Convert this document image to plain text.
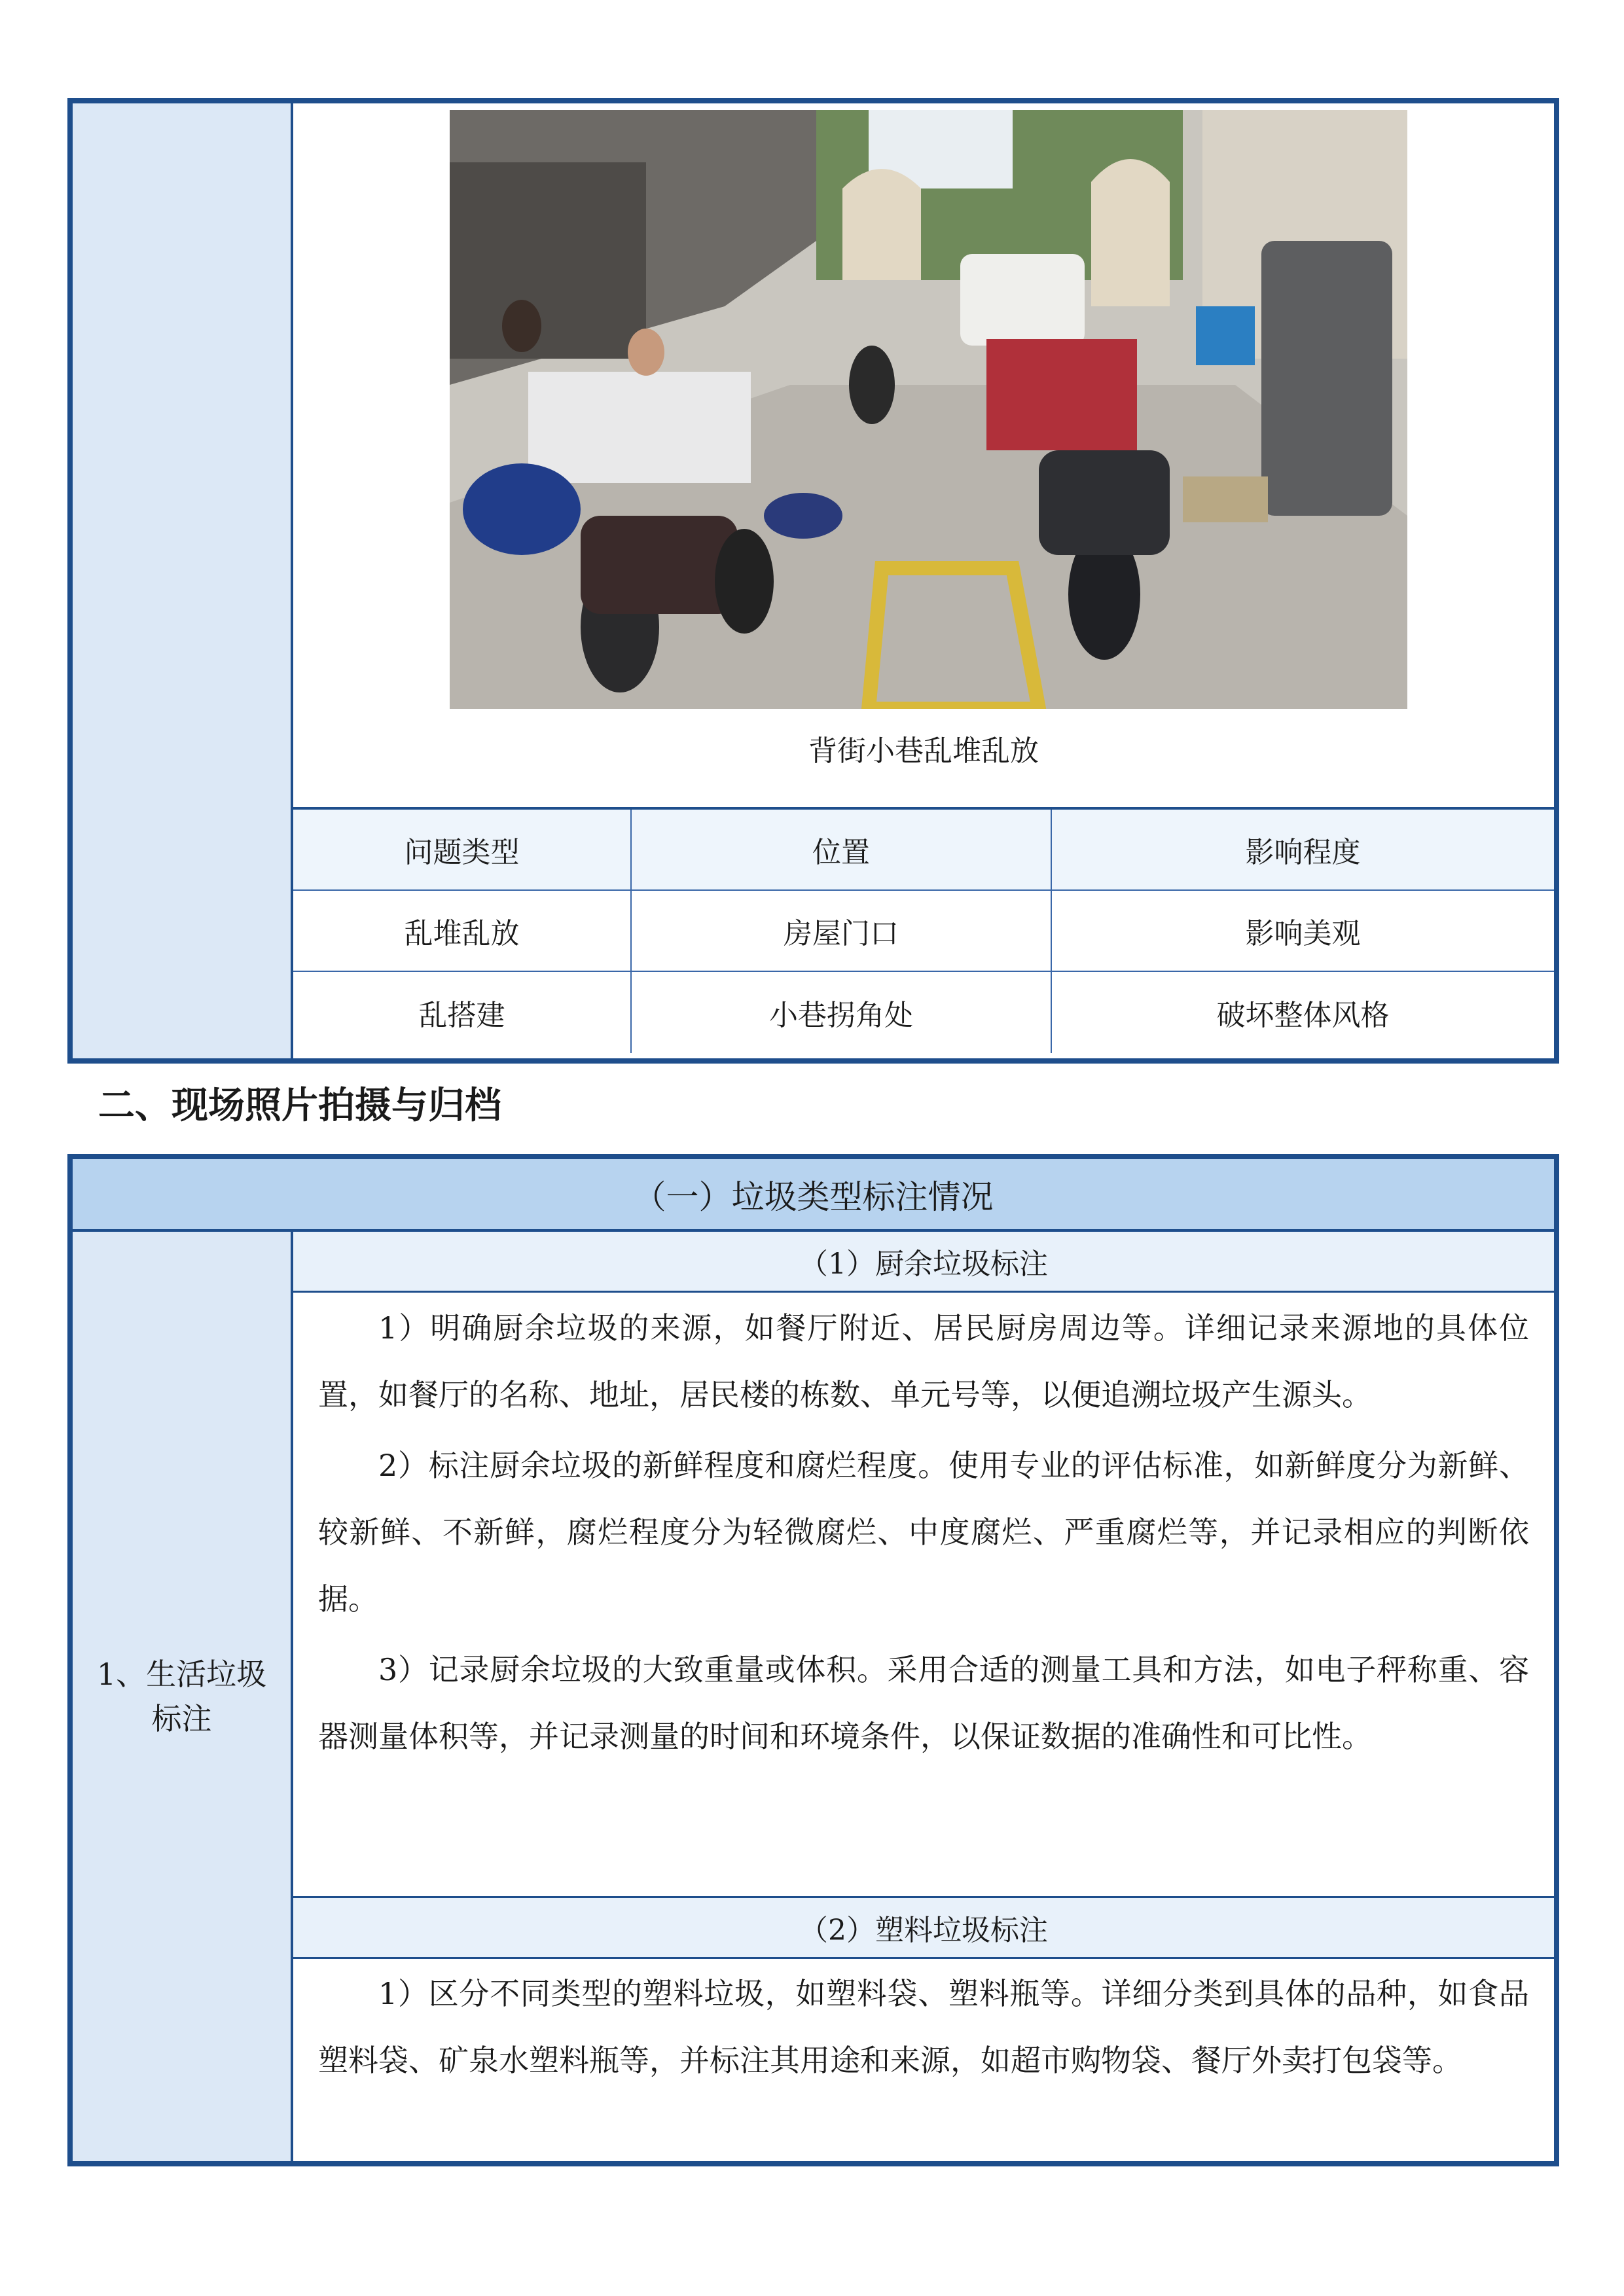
背街小巷乱堆乱放
问题类型	位置	影响程度
乱堆乱放	房屋门口	影响美观
乱搭建	小巷拐角处	破坏整体风格
二、现场照片拍摄与归档
（一）垃圾类型标注情况
1、生活垃圾标注
（1）厨余垃圾标注

1）明确厨余垃圾的来源，如餐厅附近、居民厨房周边等。详细记录来源地的具体位置，如餐厅的名称、地址，居民楼的栋数、单元号等，以便追溯垃圾产生源头。

2）标注厨余垃圾的新鲜程度和腐烂程度。使用专业的评估标准，如新鲜度分为新鲜、较新鲜、不新鲜，腐烂程度分为轻微腐烂、中度腐烂、严重腐烂等，并记录相应的判断依据。

3）记录厨余垃圾的大致重量或体积。采用合适的测量工具和方法，如电子秤称重、容器测量体积等，并记录测量的时间和环境条件，以保证数据的准确性和可比性。

（2）塑料垃圾标注

1）区分不同类型的塑料垃圾，如塑料袋、塑料瓶等。详细分类到具体的品种，如食品塑料袋、矿泉水塑料瓶等，并标注其用途和来源，如超市购物袋、餐厅外卖打包袋等。
